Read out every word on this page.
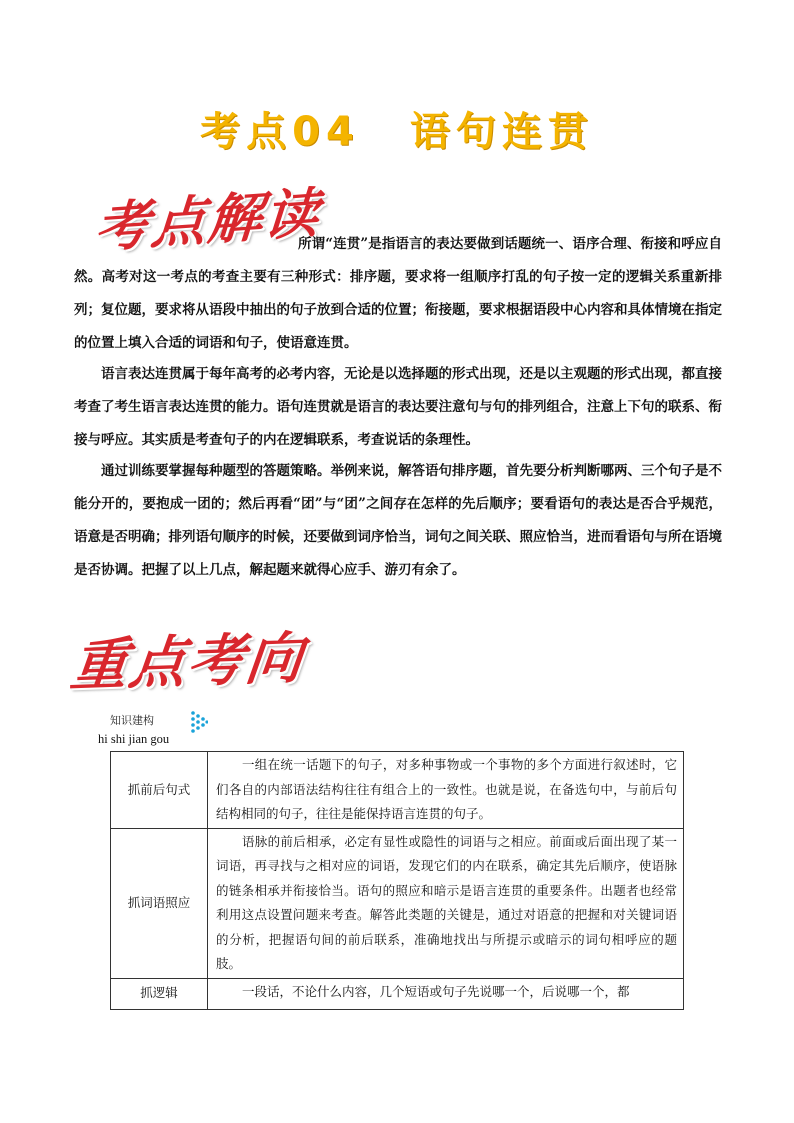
考点04 语句连贯
考点解读

所谓“连贯”是指语言的表达要做到话题统一、语序合理、衔接和呼应自然。高考对这一考点的考查主要有三种形式：排序题，要求将一组顺序打乱的句子按一定的逻辑关系重新排列；复位题，要求将从语段中抽出的句子放到合适的位置；衔接题，要求根据语段中心内容和具体情境在指定的位置上填入合适的词语和句子，使语意连贯。

语言表达连贯属于每年高考的必考内容，无论是以选择题的形式出现，还是以主观题的形式出现，都直接考查了考生语言表达连贯的能力。语句连贯就是语言的表达要注意句与句的排列组合，注意上下句的联系、衔接与呼应。其实质是考查句子的内在逻辑联系，考查说话的条理性。

通过训练要掌握每种题型的答题策略。举例来说，解答语句排序题，首先要分析判断哪两、三个句子是不能分开的，要抱成一团的；然后再看“团”与“团”之间存在怎样的先后顺序；要看语句的表达是否合乎规范，语意是否明确；排列语句顺序的时候，还要做到词序恰当，词句之间关联、照应恰当，进而看语句与所在语境是否协调。把握了以上几点，解起题来就得心应手、游刃有余了。

重点考向
知识建构
hi shi jian gou
抓前后句式	一组在统一话题下的句子，对多种事物或一个事物的多个方面进行叙述时，它们各自的内部语法结构往往有组合上的一致性。也就是说，在备选句中，与前后句结构相同的句子，往往是能保持语言连贯的句子。
抓词语照应	语脉的前后相承，必定有显性或隐性的词语与之相应。前面或后面出现了某一词语，再寻找与之相对应的词语，发现它们的内在联系，确定其先后顺序，使语脉的链条相承并衔接恰当。语句的照应和暗示是语言连贯的重要条件。出题者也经常利用这点设置问题来考查。解答此类题的关键是，通过对语意的把握和对关键词语的分析，把握语句间的前后联系，准确地找出与所提示或暗示的词句相呼应的题肢。
抓逻辑	一段话，不论什么内容，几个短语或句子先说哪一个，后说哪一个，都
